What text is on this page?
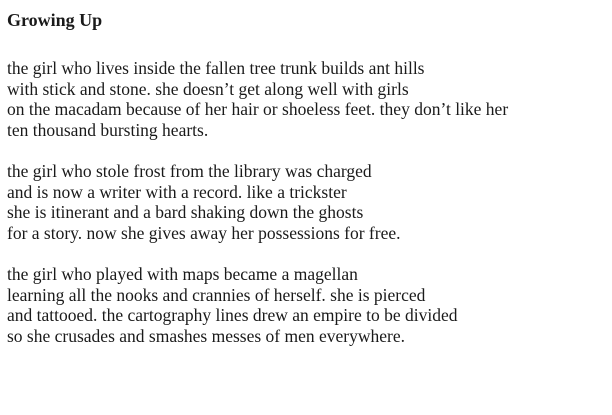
Growing Up
the girl who lives inside the fallen tree trunk builds ant hills
with stick and stone. she doesn’t get along well with girls
on the macadam because of her hair or shoeless feet. they don’t like her
ten thousand bursting hearts.
the girl who stole frost from the library was charged
and is now a writer with a record. like a trickster
she is itinerant and a bard shaking down the ghosts
for a story. now she gives away her possessions for free.
the girl who played with maps became a magellan
learning all the nooks and crannies of herself. she is pierced
and tattooed. the cartography lines drew an empire to be divided
so she crusades and smashes messes of men everywhere.
